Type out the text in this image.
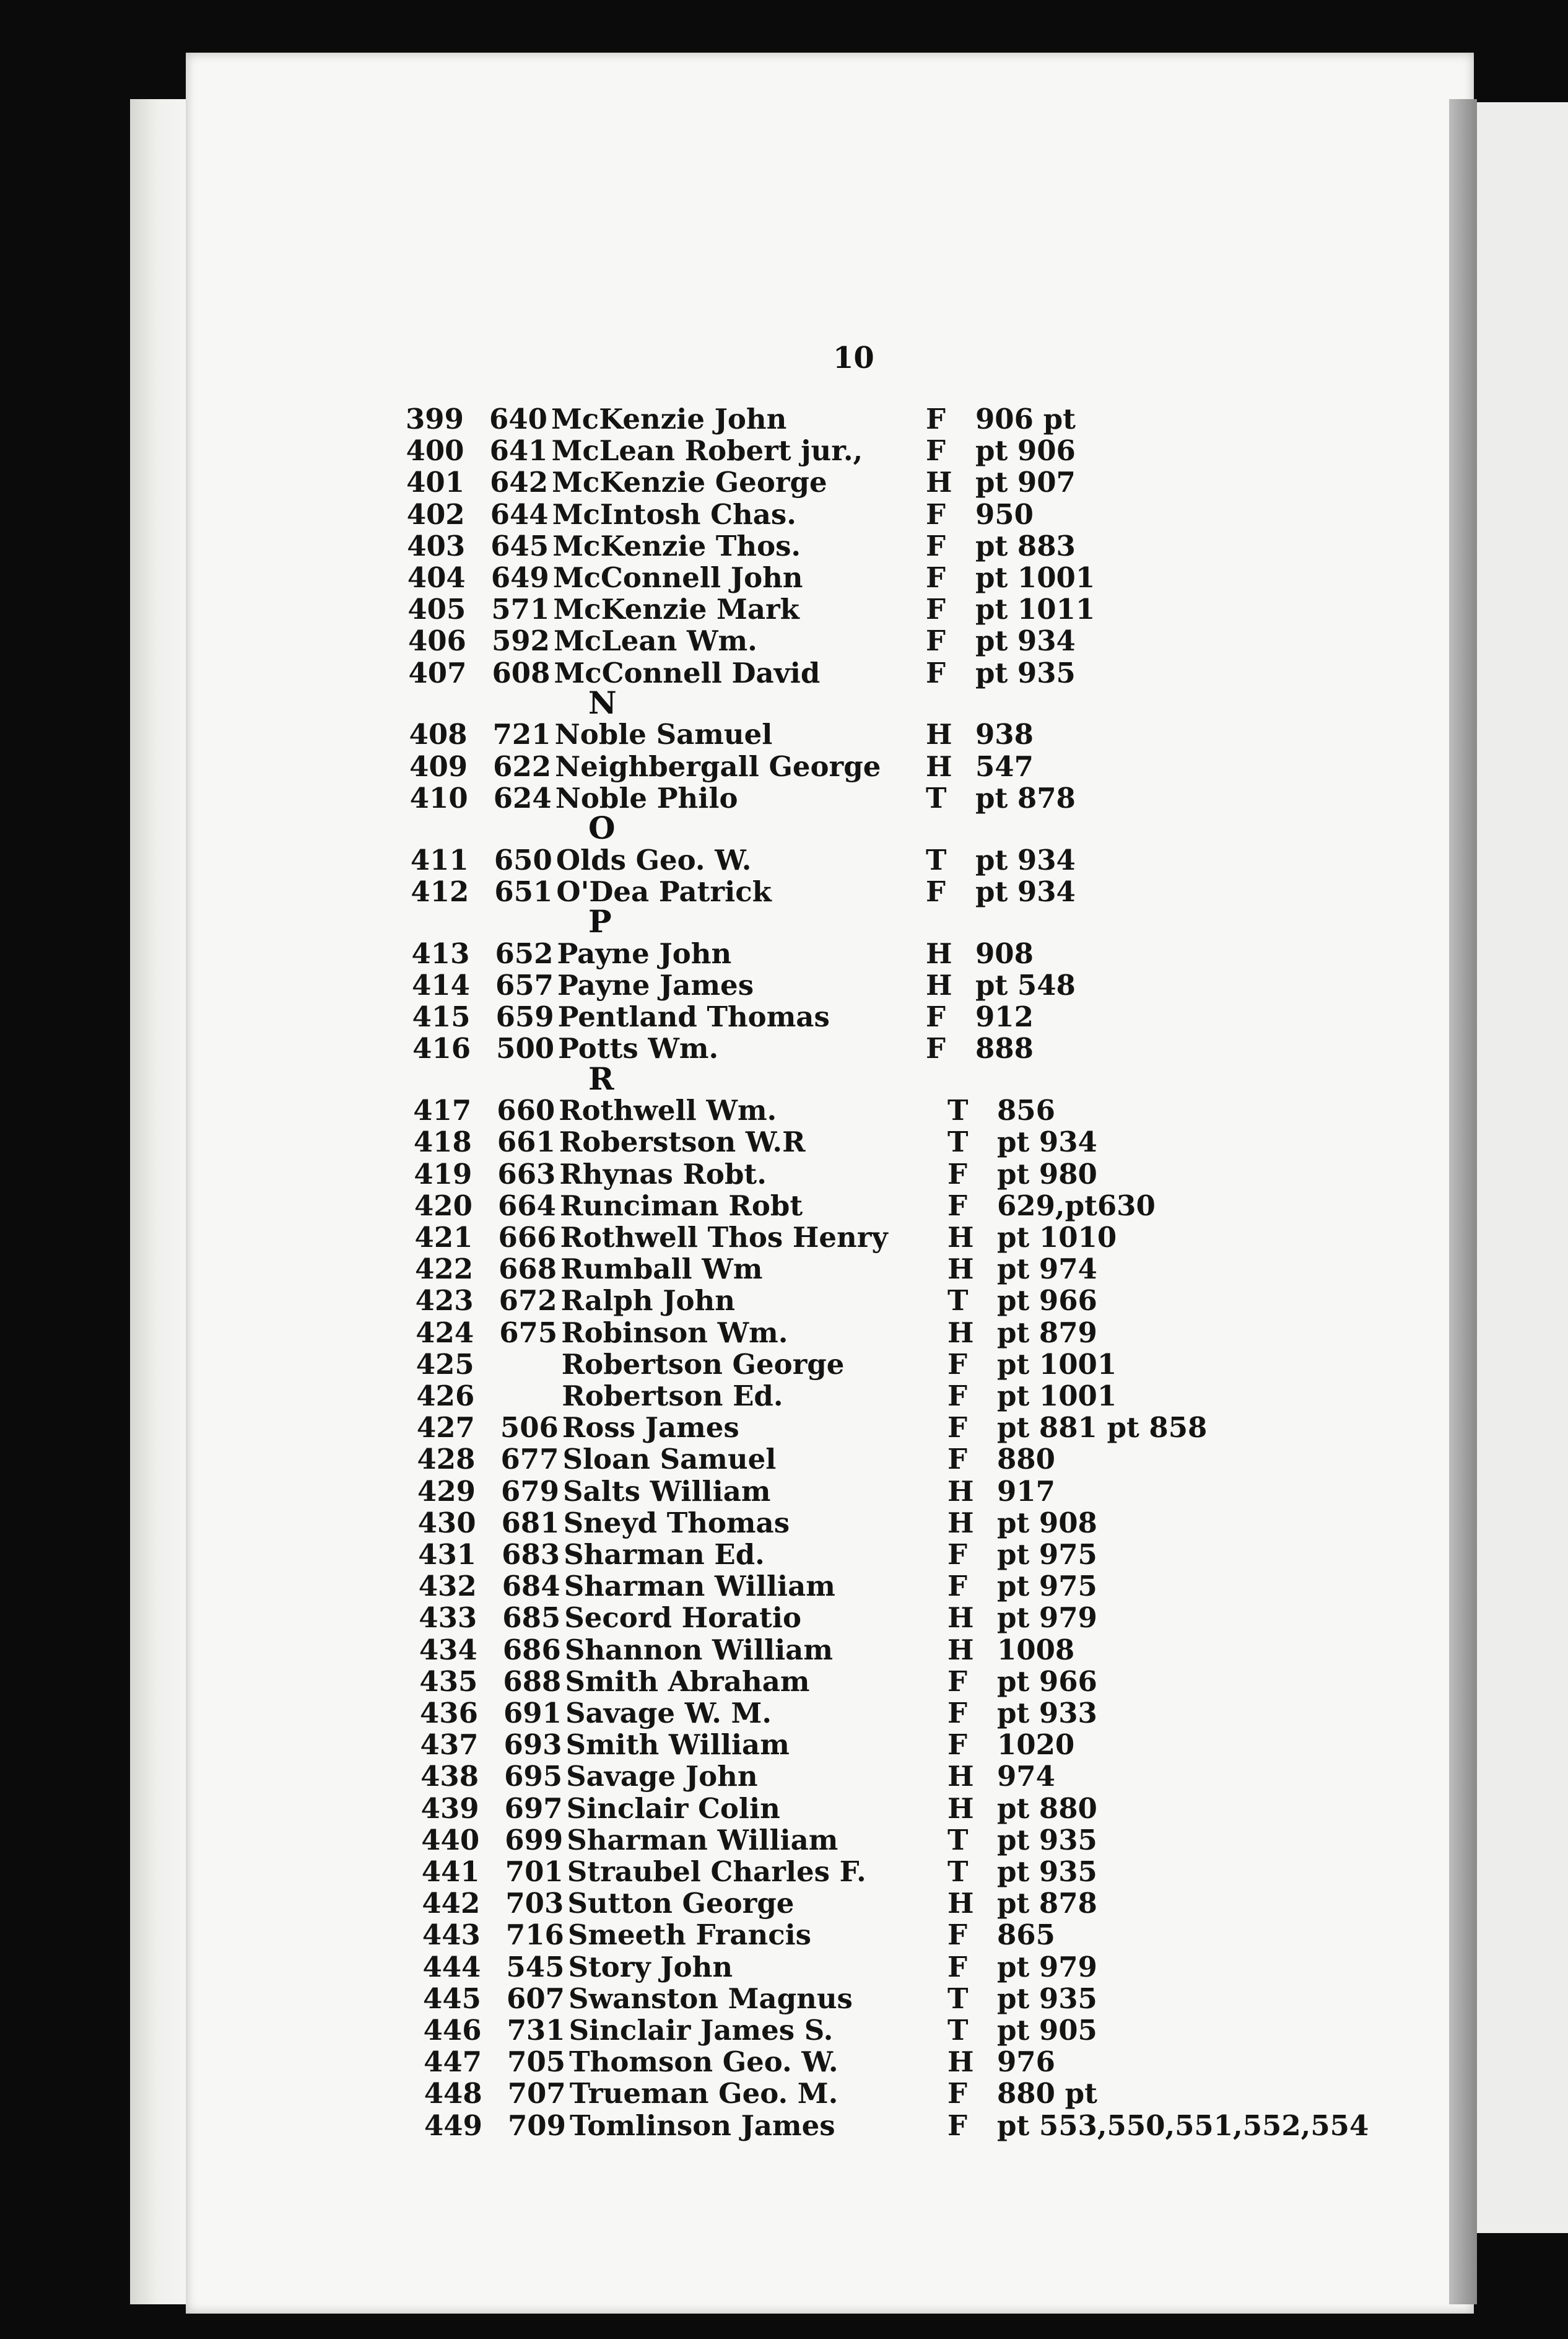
10
399 640 McKenzie John	F 906 pt
400 641 McLean Robert jur., F pt 906
401 642 McKenzie George	H pt 907
402 644 McIntosh Chas.	F 950
403 645 McKenzie Thos.	F pt 883
404 649 McConnell John	F pt 1001
405 571 McKenzie Mark	F pt 1011
406 592 McLean Wm.	F pt 934
407 608 McConnell David	F pt 935
N
408 721 Noble Samuel	H 938
409 622 Neighbergall George H 547
410 624 Noble Philo	T pt 878
O
411 650 Olds Geo. W.	T pt 934
412 651 O'Dea Patrick	F pt 934
P
413 652 Payne John	H 908
414 657 Payne James	H pt 548
415 659 Pentland Thomas	F 912
416 500 Potts Wm.	F 888
R
417 660 Rothwell Wm.	T 856
418 661 Roberstson W.R	T pt 934
419 663 Rhynas Robt.	F pt 980
420 664 Runciman Robt	F 629,pt630
421 666 Rothwell Thos Henry H pt 1010
422 668 Rumball Wm	H pt 974
423 672 Ralph John	T pt 966
424 675 Robinson Wm.	H pt 879
425	Robertson George	F pt 1001
426	Robertson Ed.	F pt 1001
427 506 Ross James	F pt 881 pt 858
428 677 Sloan Samuel	F 880
429 679 Salts William	H 917
430 681 Sneyd Thomas	H pt 908
431 683 Sharman Ed.	F pt 975
432 684 Sharman William	F pt 975
433 685 Secord Horatio	H pt 979
434 686 Shannon William	H 1008
435 688 Smith Abraham	F pt 966
436 691 Savage W. M.	F pt 933
437 693 Smith William	F 1020
438 695 Savage John	H 974
439 697 Sinclair Colin	H pt 880
440 699 Sharman William	T pt 935
441 701 Straubel Charles F.	T pt 935
442 703 Sutton George	H pt 878
443 716 Smeeth Francis	F 865
444 545 Story John	F pt 979
445 607 Swanston Magnus	T pt 935
446 731 Sinclair James S.	T pt 905
447 705 Thomson Geo. W.	H 976
448 707 Trueman Geo. M.	F 880 pt
449 709 Tomlinson James	F pt 553,550,551,552,554
